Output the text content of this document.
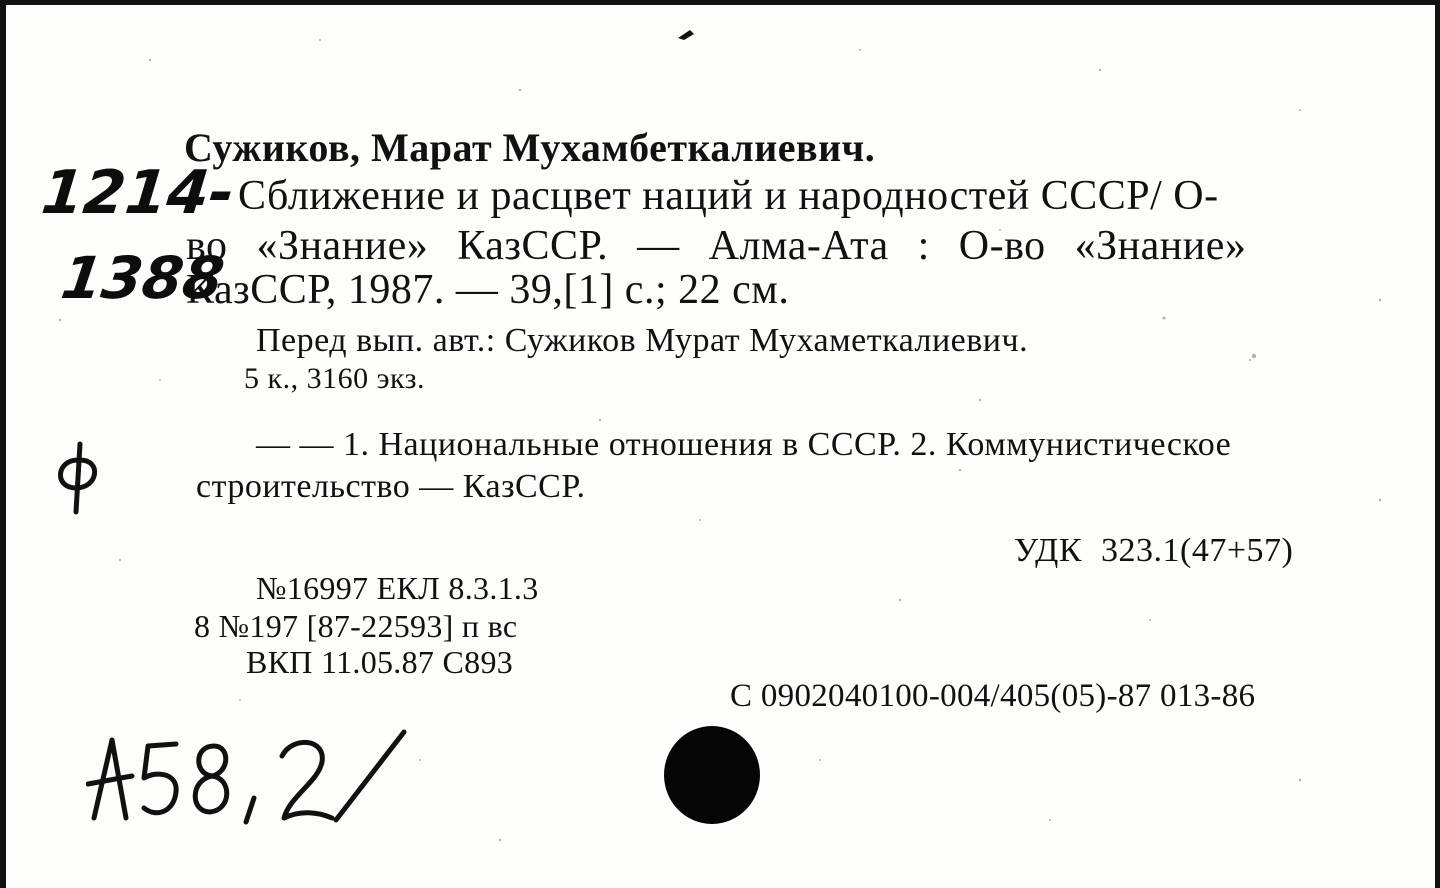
Сужиков, Марат Мухамбеткалиевич.
Сближение и расцвет наций и народностей СССР/ О-
во «Знание» КазССР. — Алма-Ата : О-во «Знание»
КазССР, 1987. — 39,[1] с.; 22 см.
Перед вып. авт.: Сужиков Мурат Мухаметкалиевич.
5 к., 3160 экз.
— — 1. Национальные отношения в СССР. 2. Коммунистическое
строительство — КазССР.
УДК 323.1(47+57)
№16997 ЕКЛ 8.3.1.3
8 №197 [87-22593] п вс
ВКП 11.05.87 С893
С 0902040100-004/405(05)-87 013-86
1214-
1388
